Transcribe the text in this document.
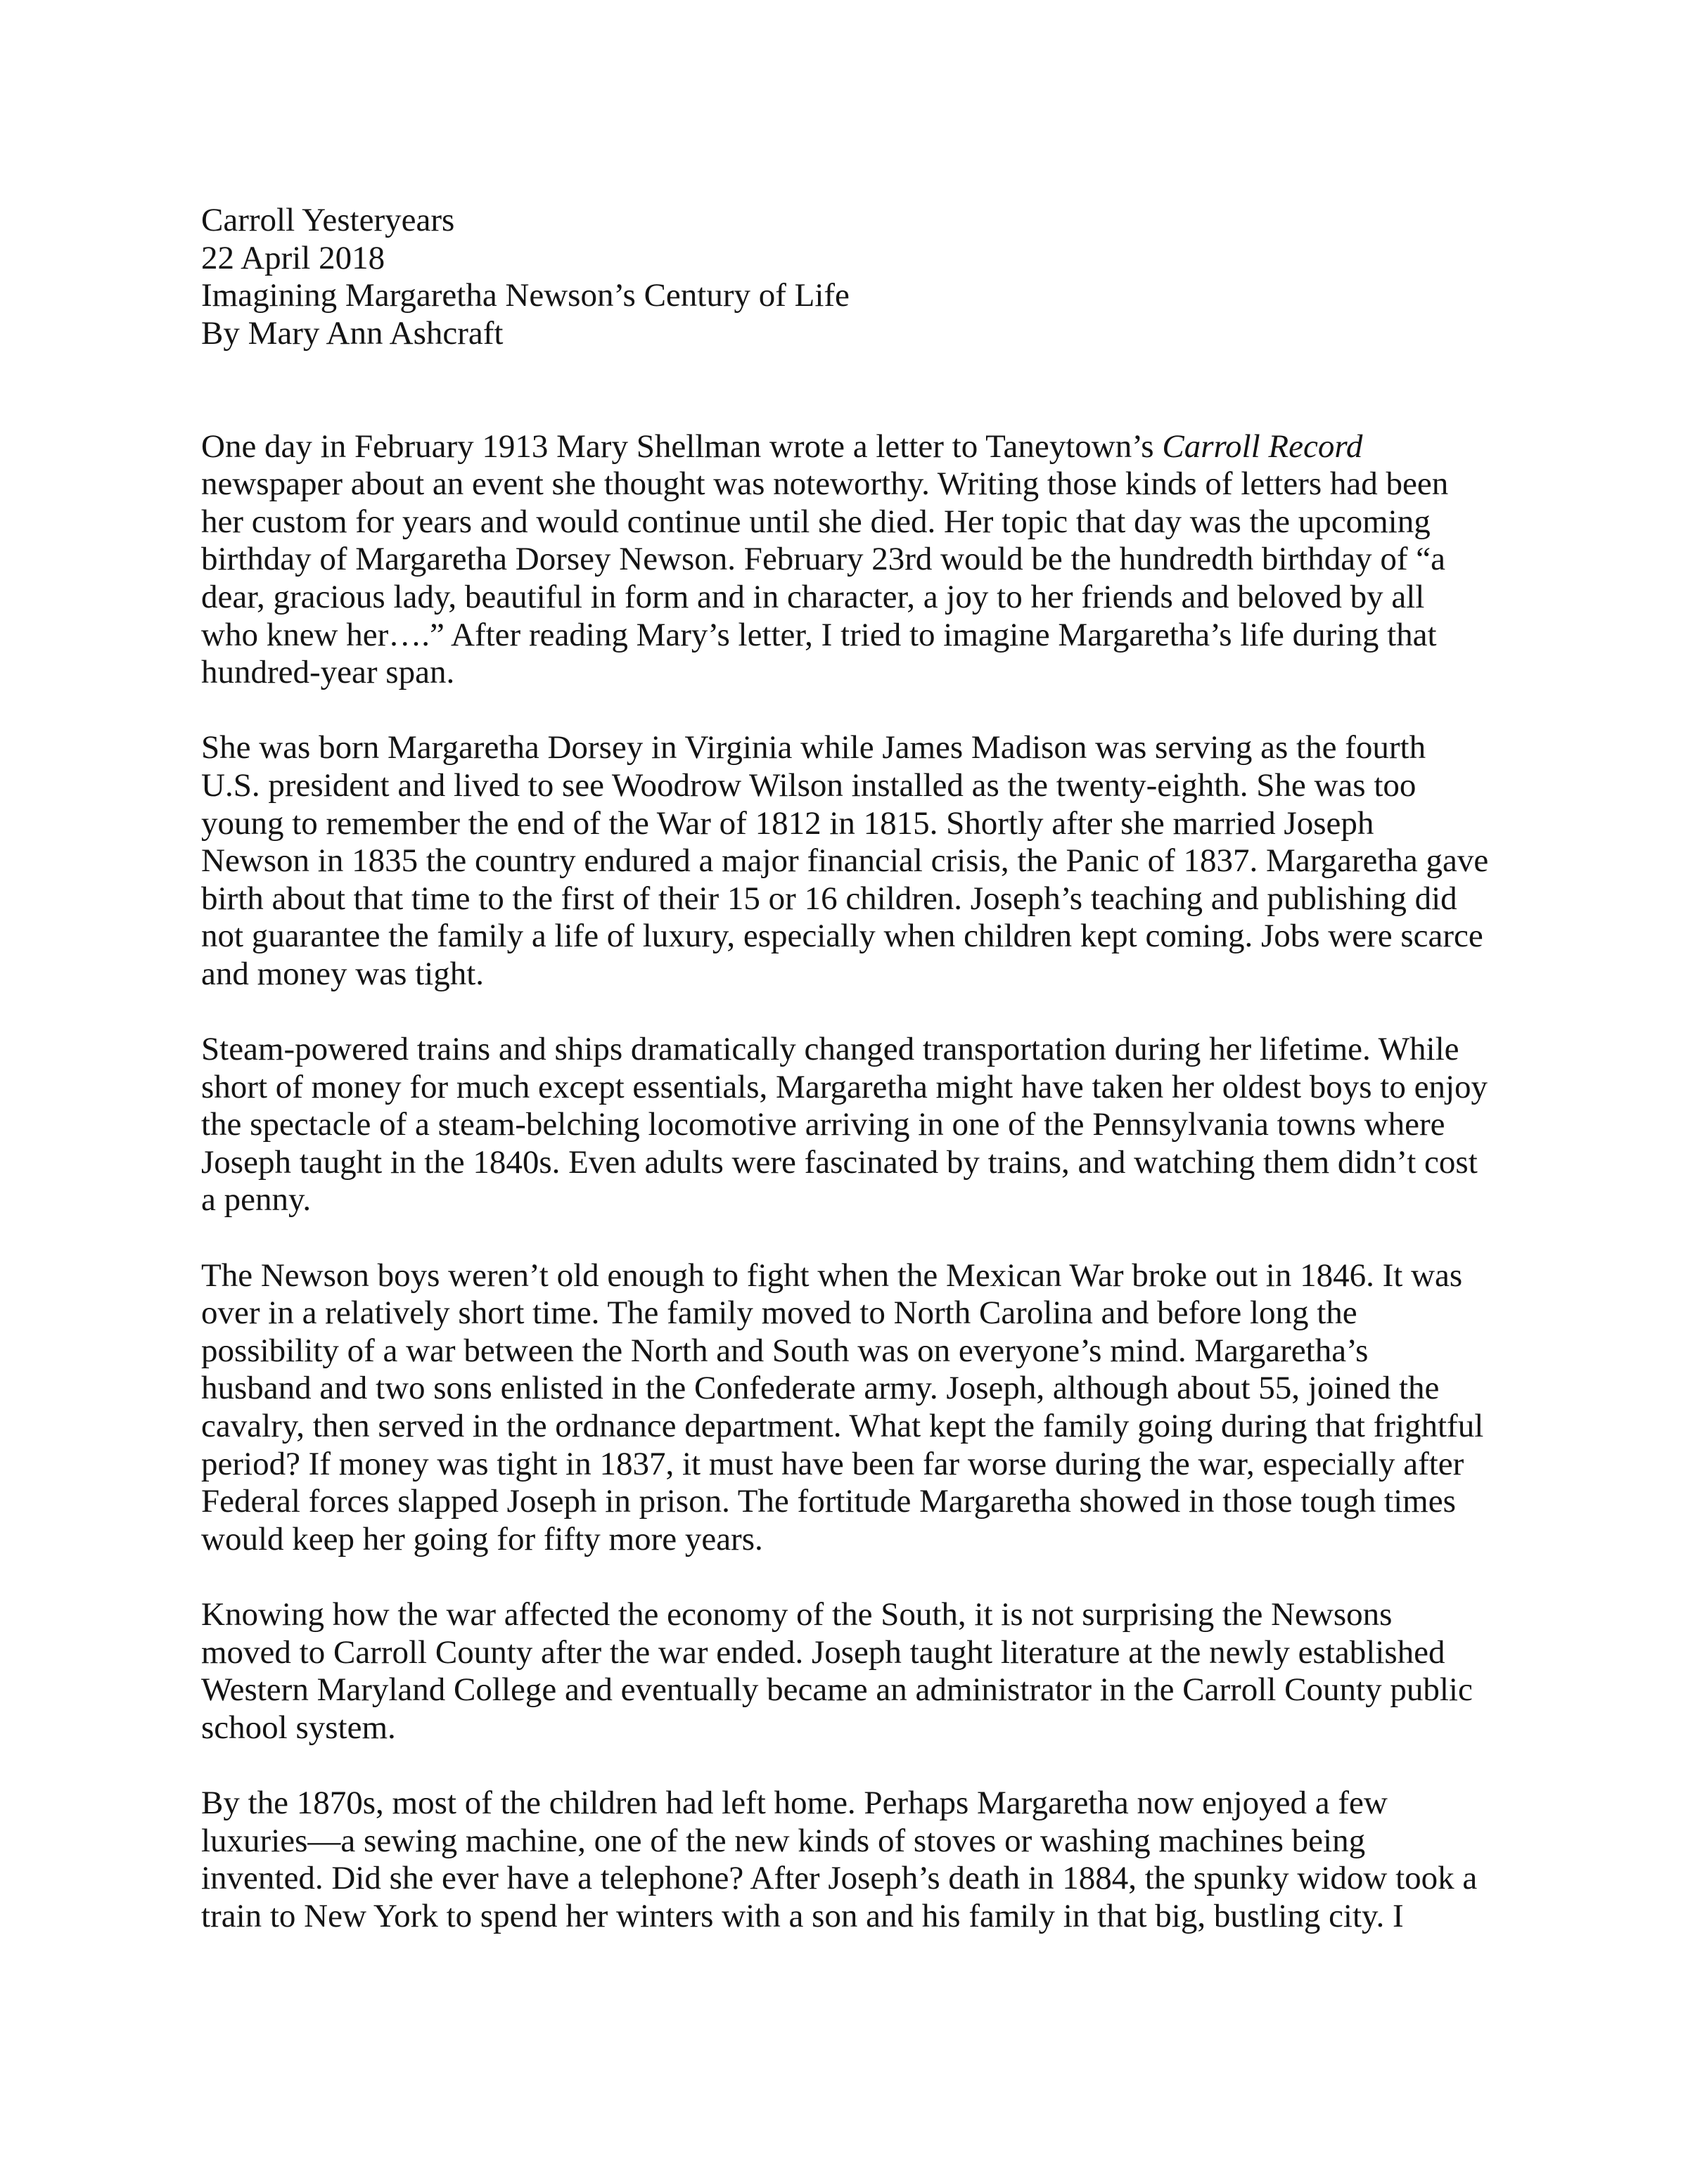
Carroll Yesteryears
22 April 2018
Imagining Margaretha Newson’s Century of Life
By Mary Ann Ashcraft
One day in February 1913 Mary Shellman wrote a letter to Taneytown’s Carroll Record
newspaper about an event she thought was noteworthy. Writing those kinds of letters had been
her custom for years and would continue until she died. Her topic that day was the upcoming
birthday of Margaretha Dorsey Newson. February 23rd would be the hundredth birthday of “a
dear, gracious lady, beautiful in form and in character, a joy to her friends and beloved by all
who knew her….” After reading Mary’s letter, I tried to imagine Margaretha’s life during that
hundred-year span.
She was born Margaretha Dorsey in Virginia while James Madison was serving as the fourth
U.S. president and lived to see Woodrow Wilson installed as the twenty-eighth. She was too
young to remember the end of the War of 1812 in 1815. Shortly after she married Joseph
Newson in 1835 the country endured a major financial crisis, the Panic of 1837. Margaretha gave
birth about that time to the first of their 15 or 16 children. Joseph’s teaching and publishing did
not guarantee the family a life of luxury, especially when children kept coming. Jobs were scarce
and money was tight.
Steam-powered trains and ships dramatically changed transportation during her lifetime. While
short of money for much except essentials, Margaretha might have taken her oldest boys to enjoy
the spectacle of a steam-belching locomotive arriving in one of the Pennsylvania towns where
Joseph taught in the 1840s. Even adults were fascinated by trains, and watching them didn’t cost
a penny.
The Newson boys weren’t old enough to fight when the Mexican War broke out in 1846. It was
over in a relatively short time. The family moved to North Carolina and before long the
possibility of a war between the North and South was on everyone’s mind. Margaretha’s
husband and two sons enlisted in the Confederate army. Joseph, although about 55, joined the
cavalry, then served in the ordnance department. What kept the family going during that frightful
period? If money was tight in 1837, it must have been far worse during the war, especially after
Federal forces slapped Joseph in prison. The fortitude Margaretha showed in those tough times
would keep her going for fifty more years.
Knowing how the war affected the economy of the South, it is not surprising the Newsons
moved to Carroll County after the war ended. Joseph taught literature at the newly established
Western Maryland College and eventually became an administrator in the Carroll County public
school system.
By the 1870s, most of the children had left home. Perhaps Margaretha now enjoyed a few
luxuries—a sewing machine, one of the new kinds of stoves or washing machines being
invented. Did she ever have a telephone? After Joseph’s death in 1884, the spunky widow took a
train to New York to spend her winters with a son and his family in that big, bustling city. I
